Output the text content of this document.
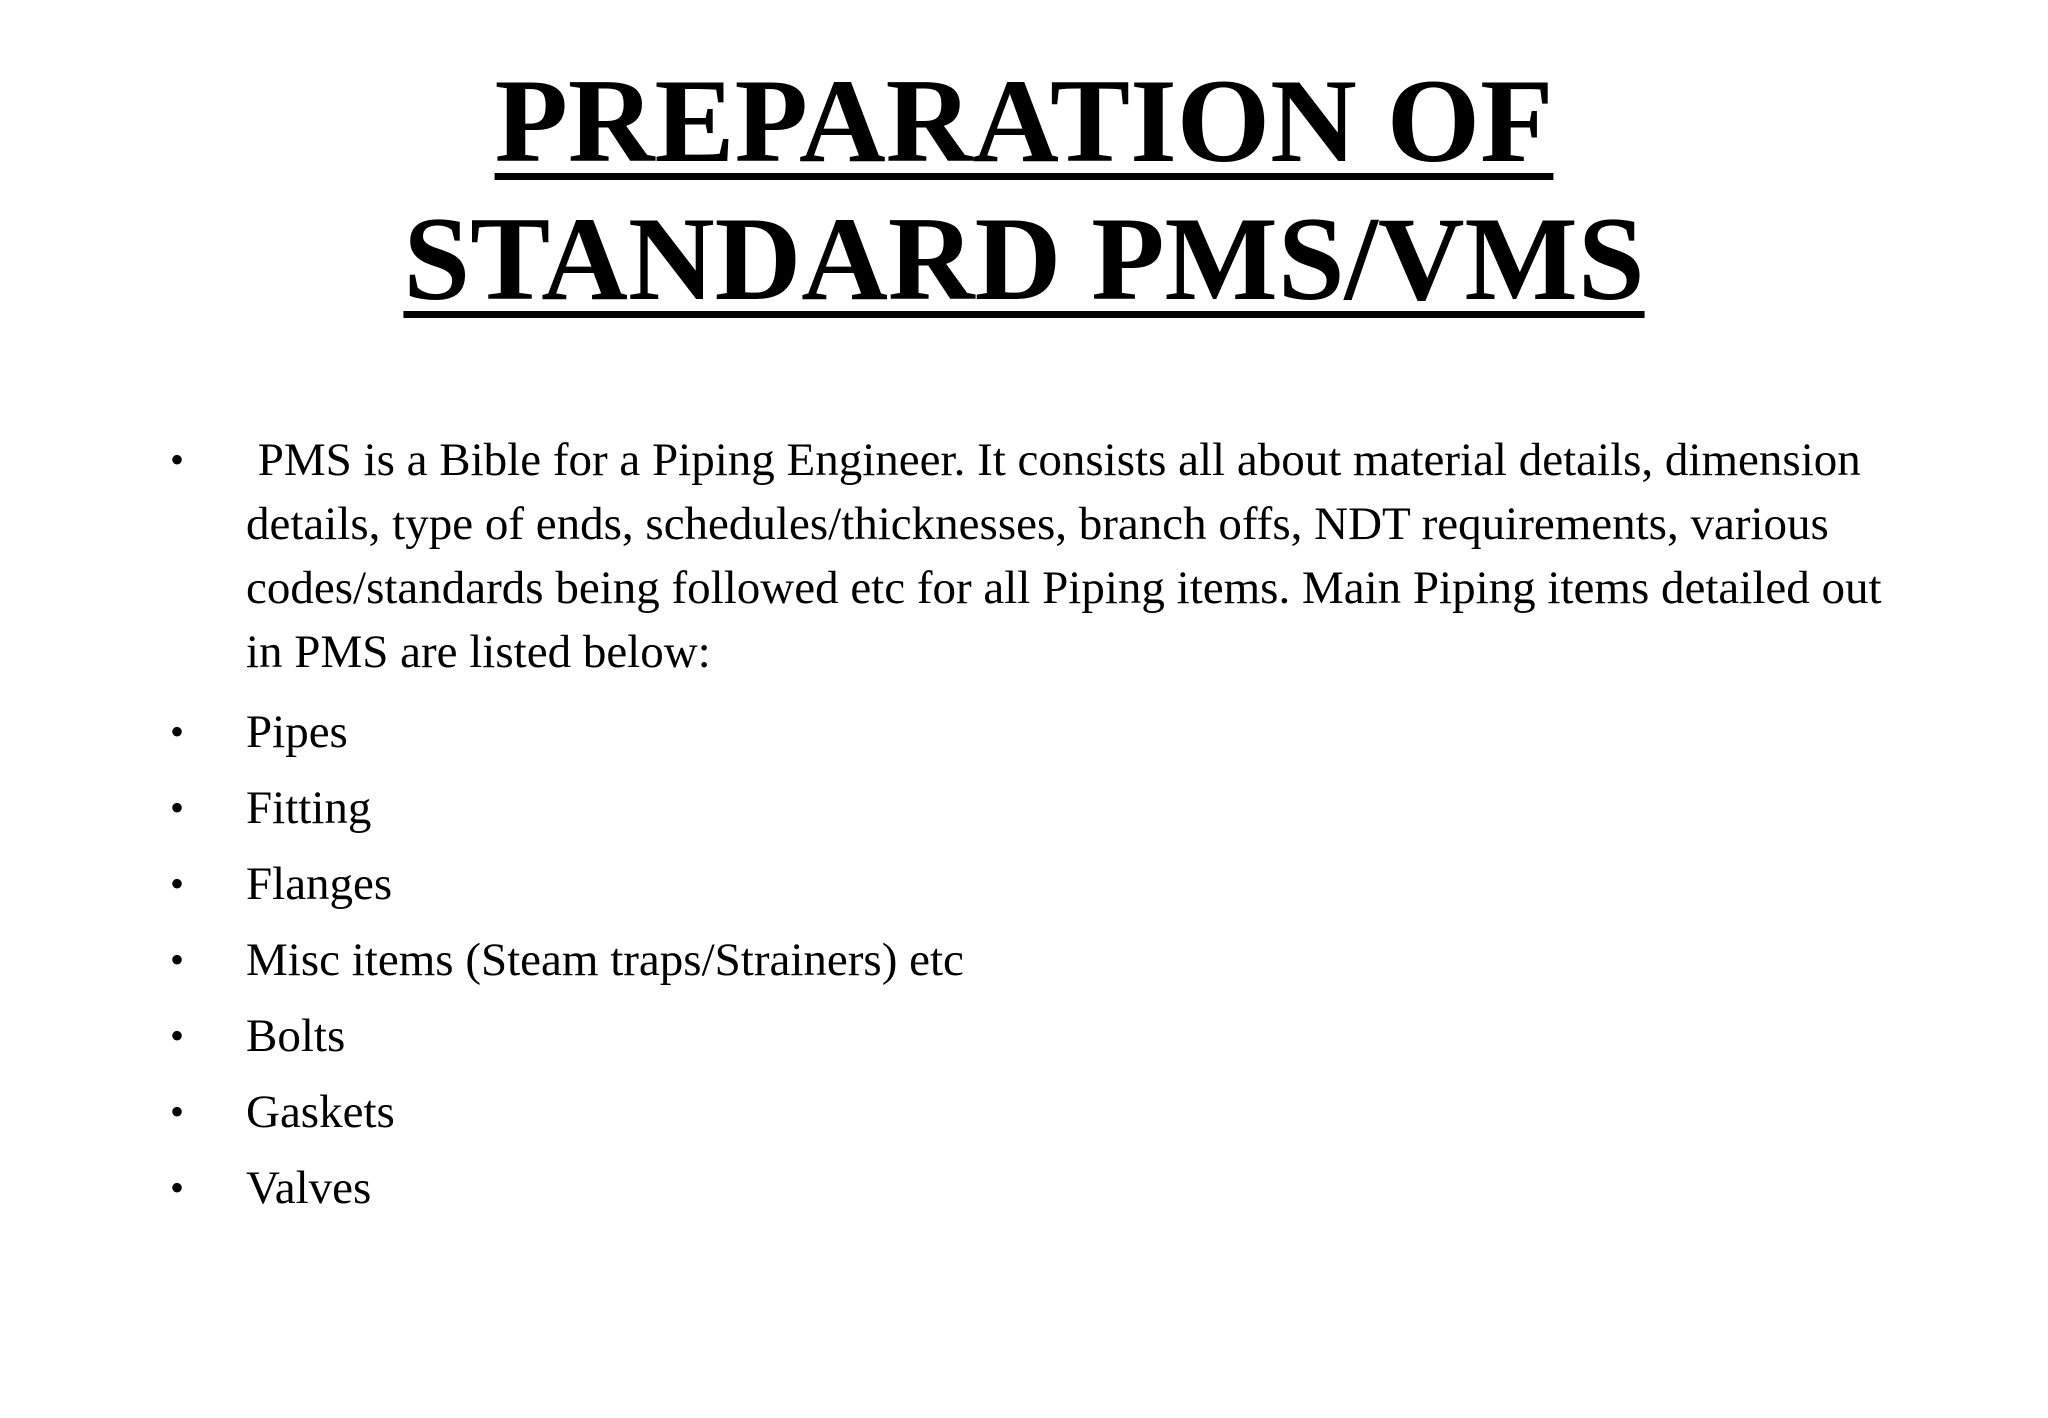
PREPARATION OF
STANDARD PMS/VMS
• PMS is a Bible for a Piping Engineer. It consists all about material details, dimension details, type of ends, schedules/thicknesses, branch offs, NDT requirements, various codes/standards being followed etc for all Piping items. Main Piping items detailed out in PMS are listed below:
• Pipes
• Fitting
• Flanges
• Misc items (Steam traps/Strainers) etc
• Bolts
• Gaskets
• Valves
